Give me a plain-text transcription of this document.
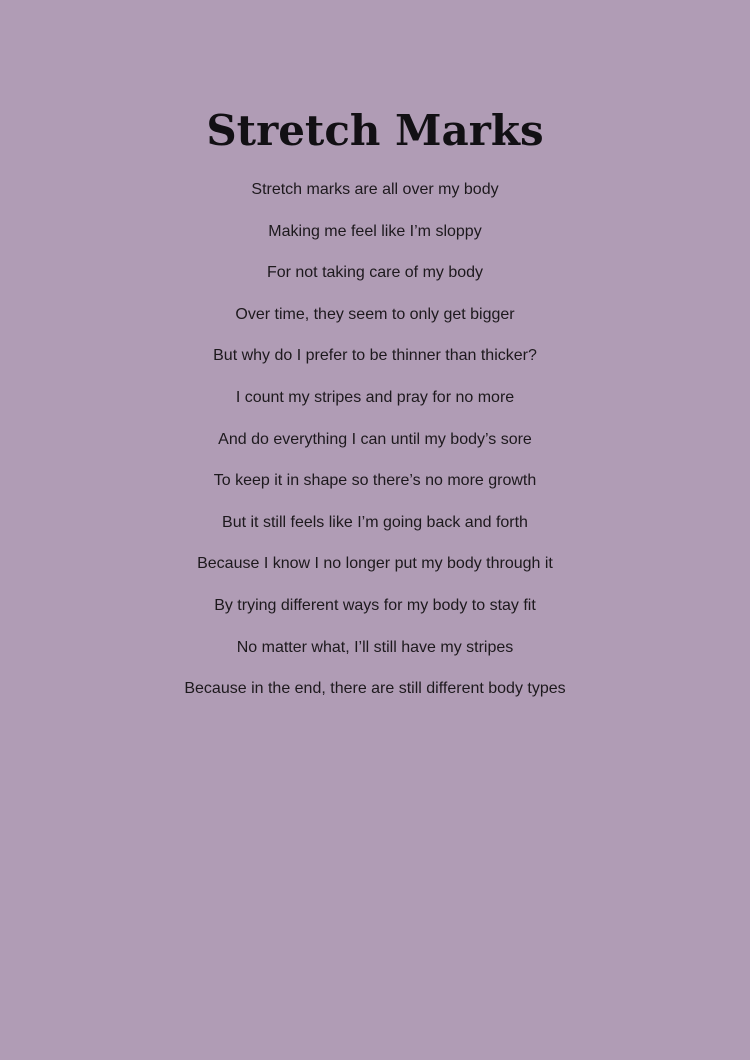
Stretch Marks

Stretch marks are all over my body

Making me feel like I’m sloppy

For not taking care of my body

Over time, they seem to only get bigger

But why do I prefer to be thinner than thicker?

I count my stripes and pray for no more

And do everything I can until my body’s sore

To keep it in shape so there’s no more growth

But it still feels like I’m going back and forth

Because I know I no longer put my body through it

By trying different ways for my body to stay fit

No matter what, I’ll still have my stripes

Because in the end, there are still different body types
